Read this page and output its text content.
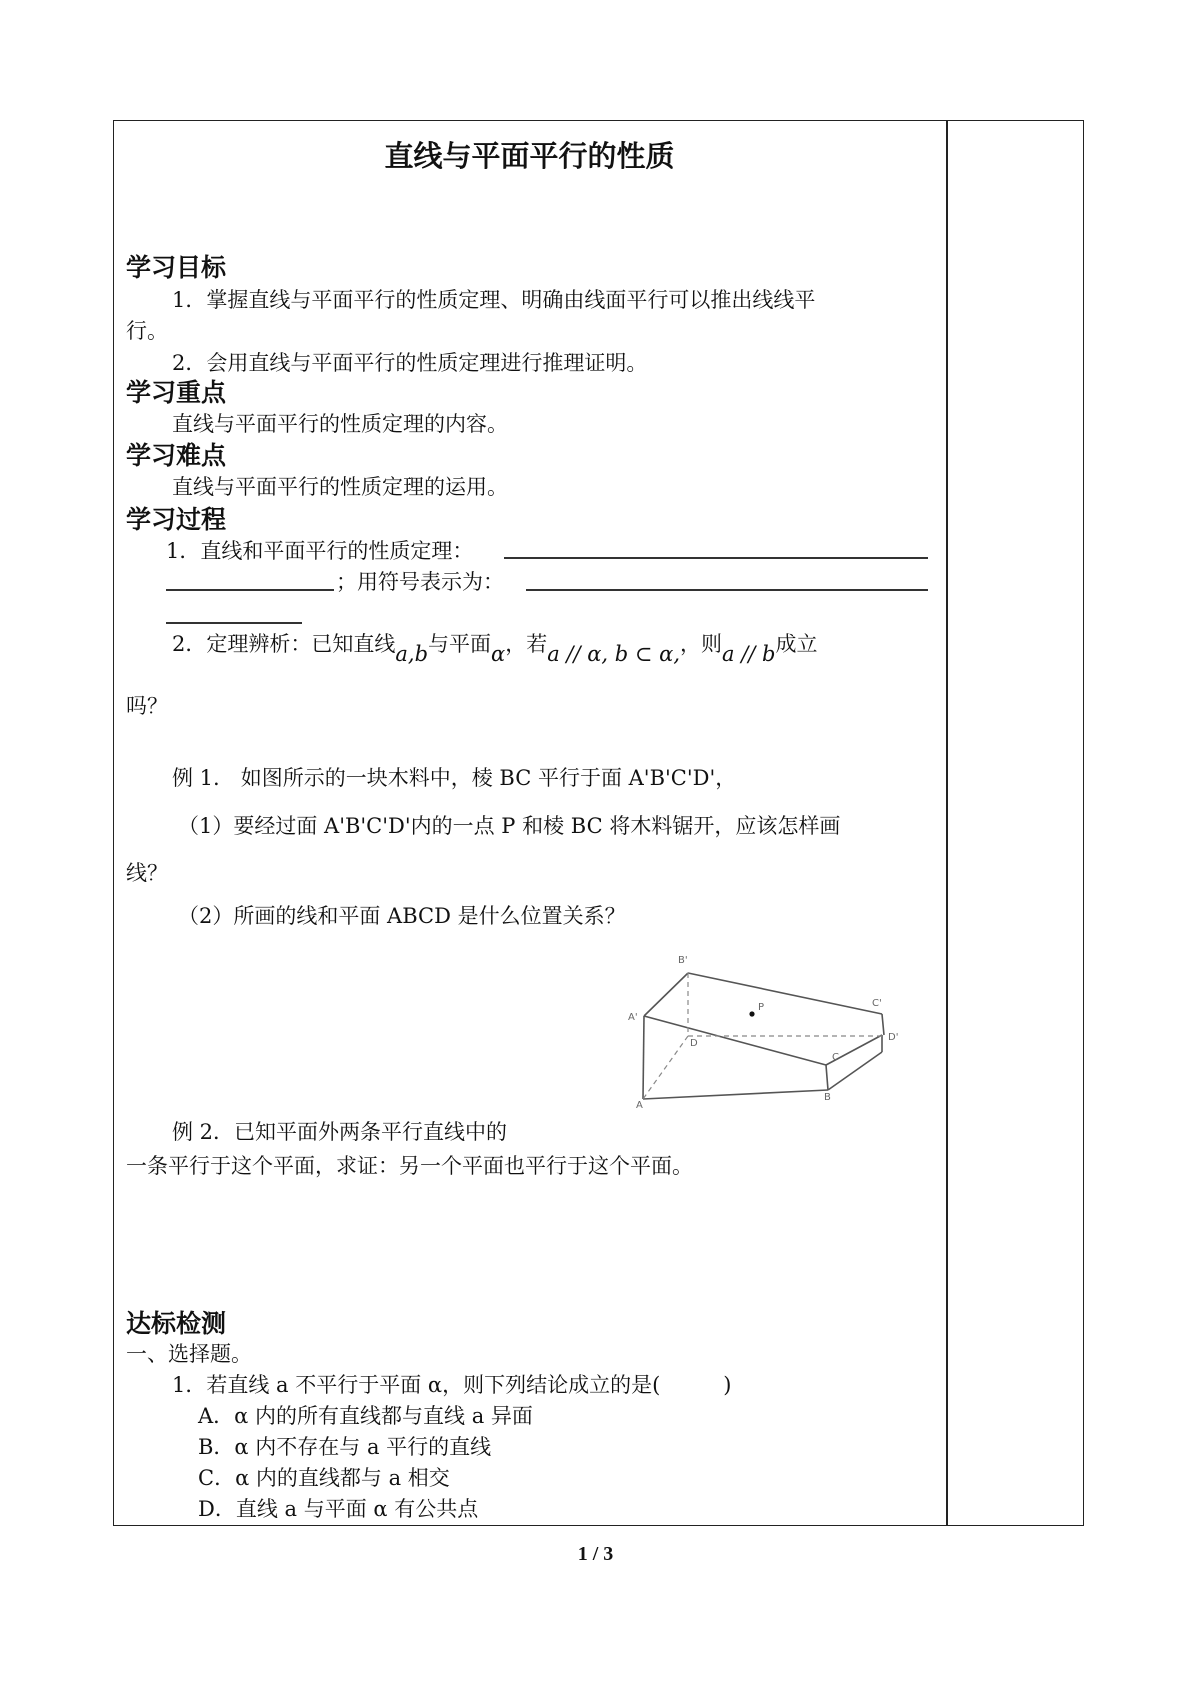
直线与平面平行的性质
学习目标
1．掌握直线与平面平行的性质定理、明确由线面平行可以推出线线平
行。
2．会用直线与平面平行的性质定理进行推理证明。
学习重点
直线与平面平行的性质定理的内容。
学习难点
直线与平面平行的性质定理的运用。
学习过程
1．直线和平面平行的性质定理：
；用符号表示为：
2．定理辨析：已知直线a,b与平面α，若a // α, b ⊂ α,，则a // b成立
吗？
例 1.　如图所示的一块木料中，棱 BC 平行于面 A'B'C'D'，
（1）要经过面 A'B'C'D'内的一点 P 和棱 BC 将木料锯开，应该怎样画
线？
（2）所画的线和平面 ABCD 是什么位置关系？
B'
C'
A'
P
D'
D
C
A
B
例 2．已知平面外两条平行直线中的
一条平行于这个平面，求证：另一个平面也平行于这个平面。
达标检测
一、选择题。
1．若直线 a 不平行于平面 α，则下列结论成立的是(　　　)
A．α 内的所有直线都与直线 a 异面
B．α 内不存在与 a 平行的直线
C．α 内的直线都与 a 相交
D．直线 a 与平面 α 有公共点
1 / 3
